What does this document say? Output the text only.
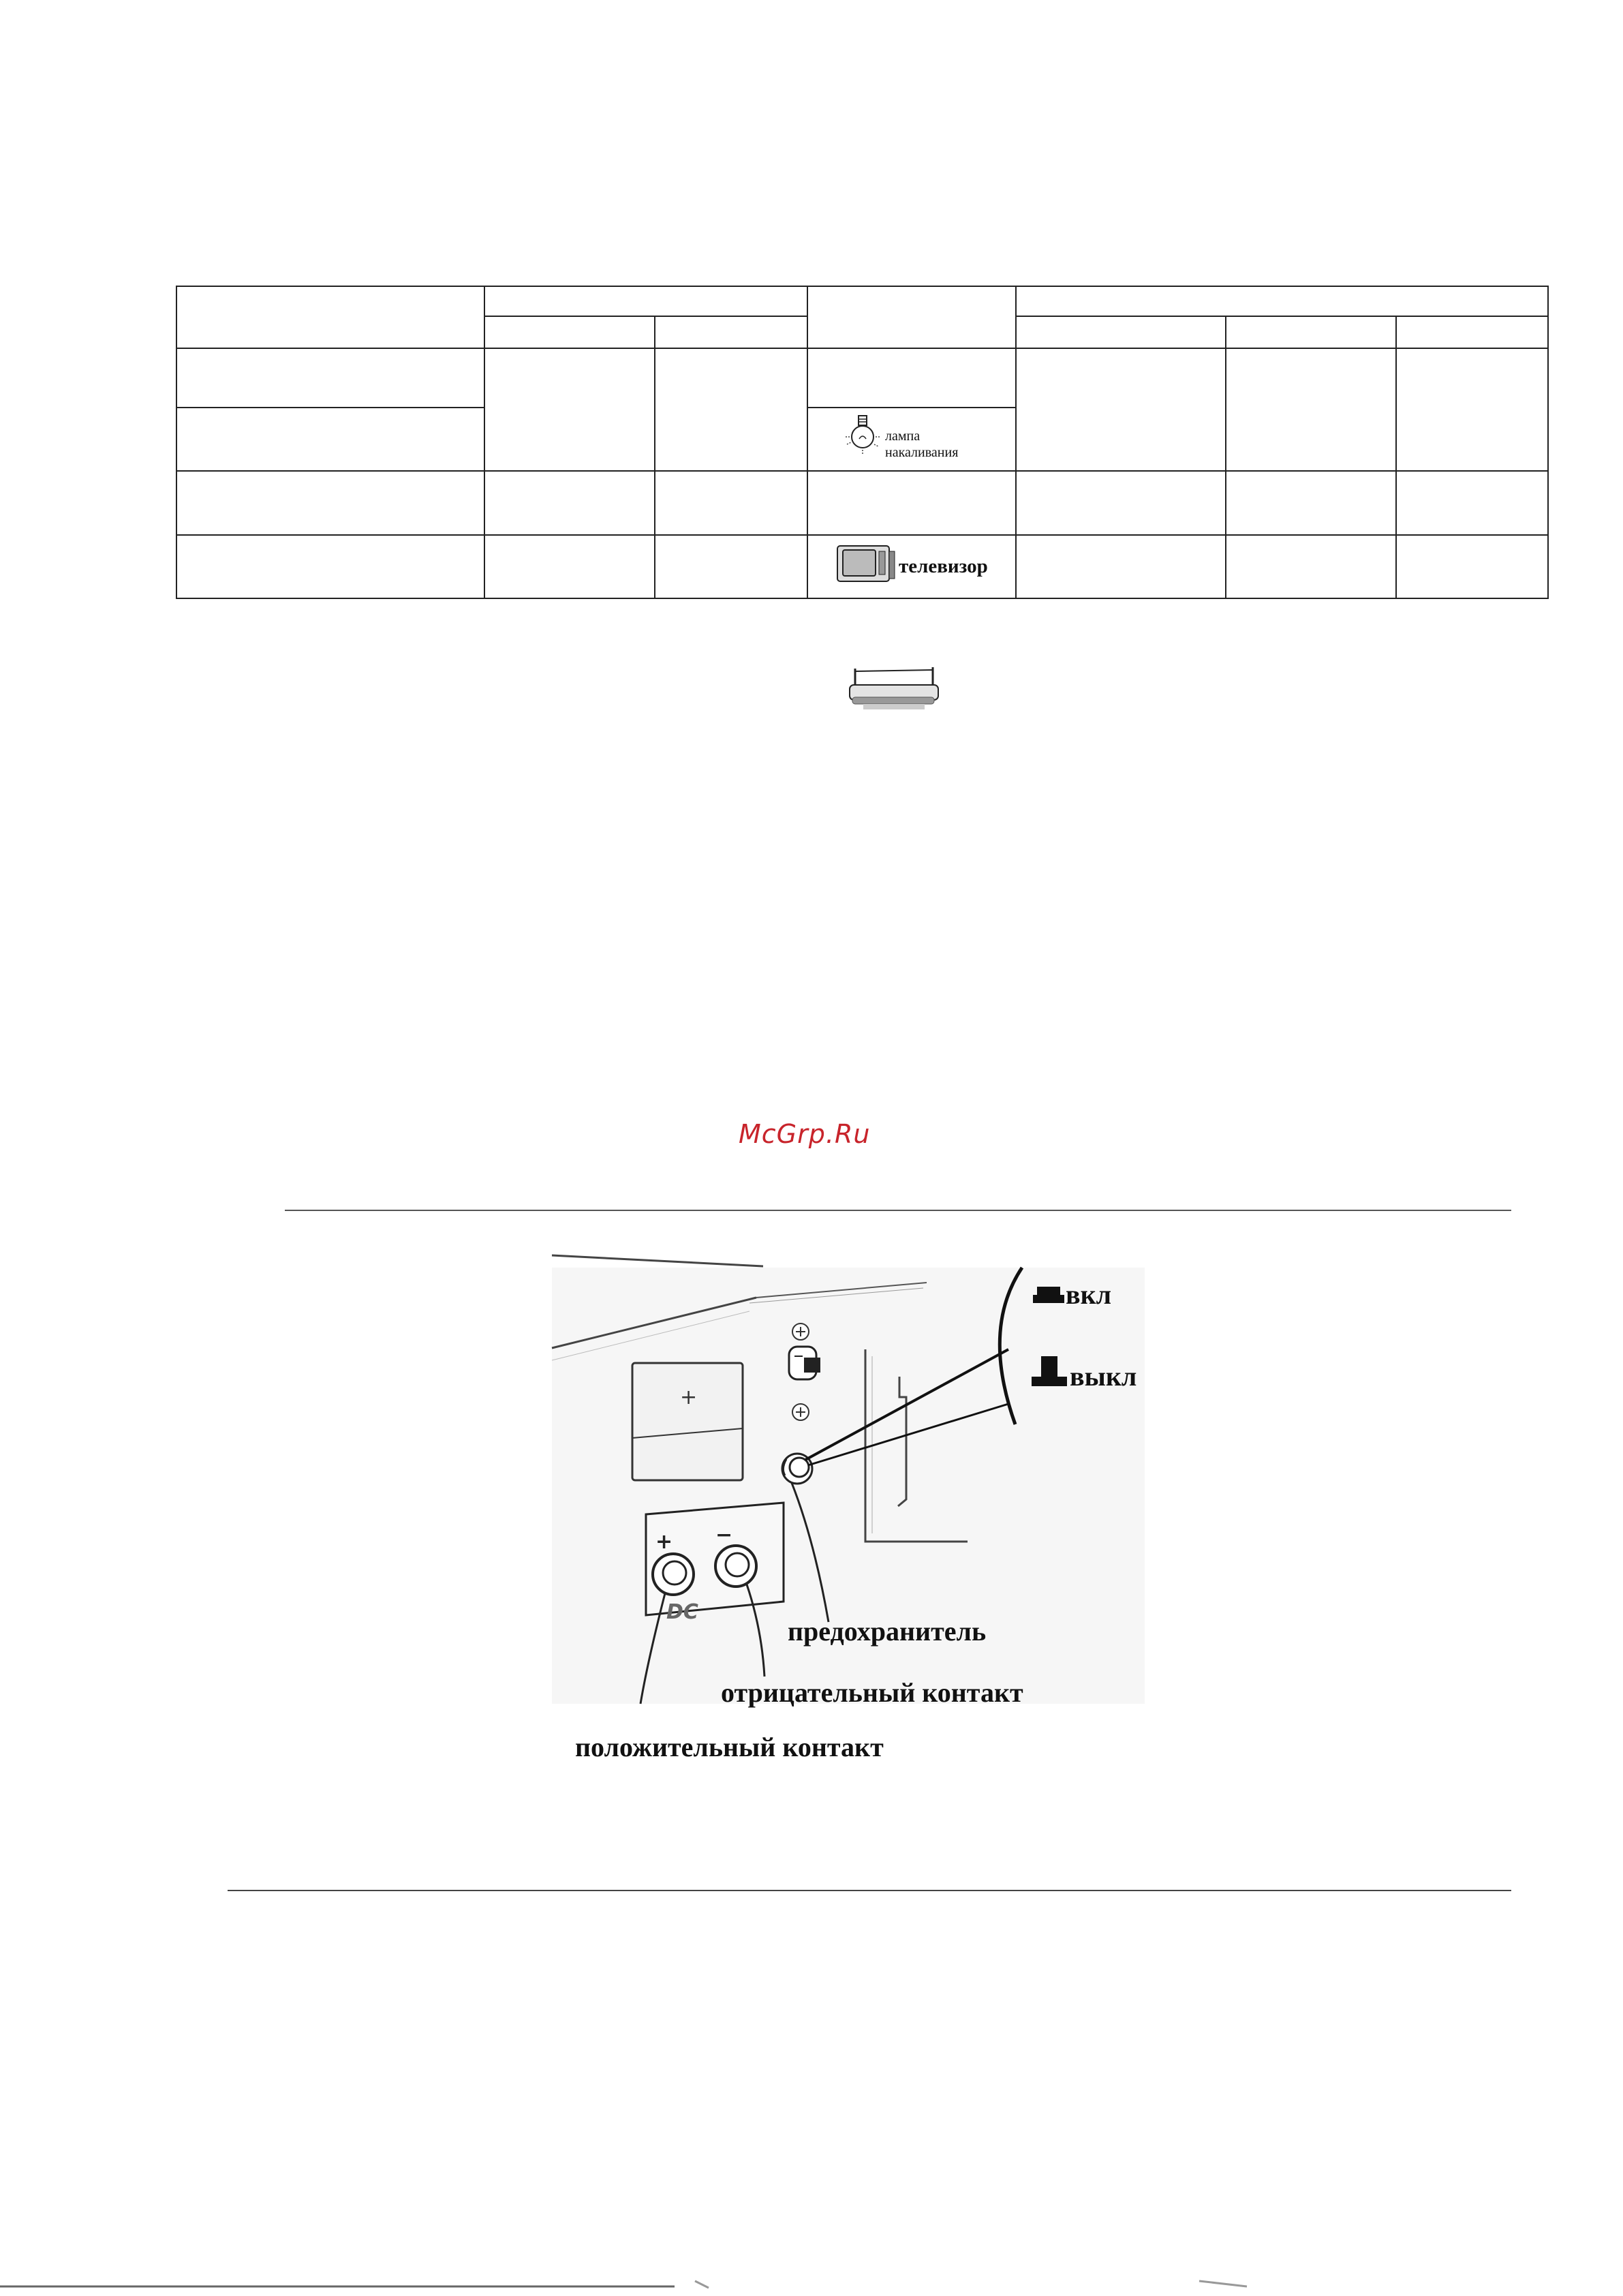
лампа
накаливания
телевизор
McGrp.Ru
+
+ −
DC
вкл
выкл
предохранитель
отрицательный контакт
положительный контакт
